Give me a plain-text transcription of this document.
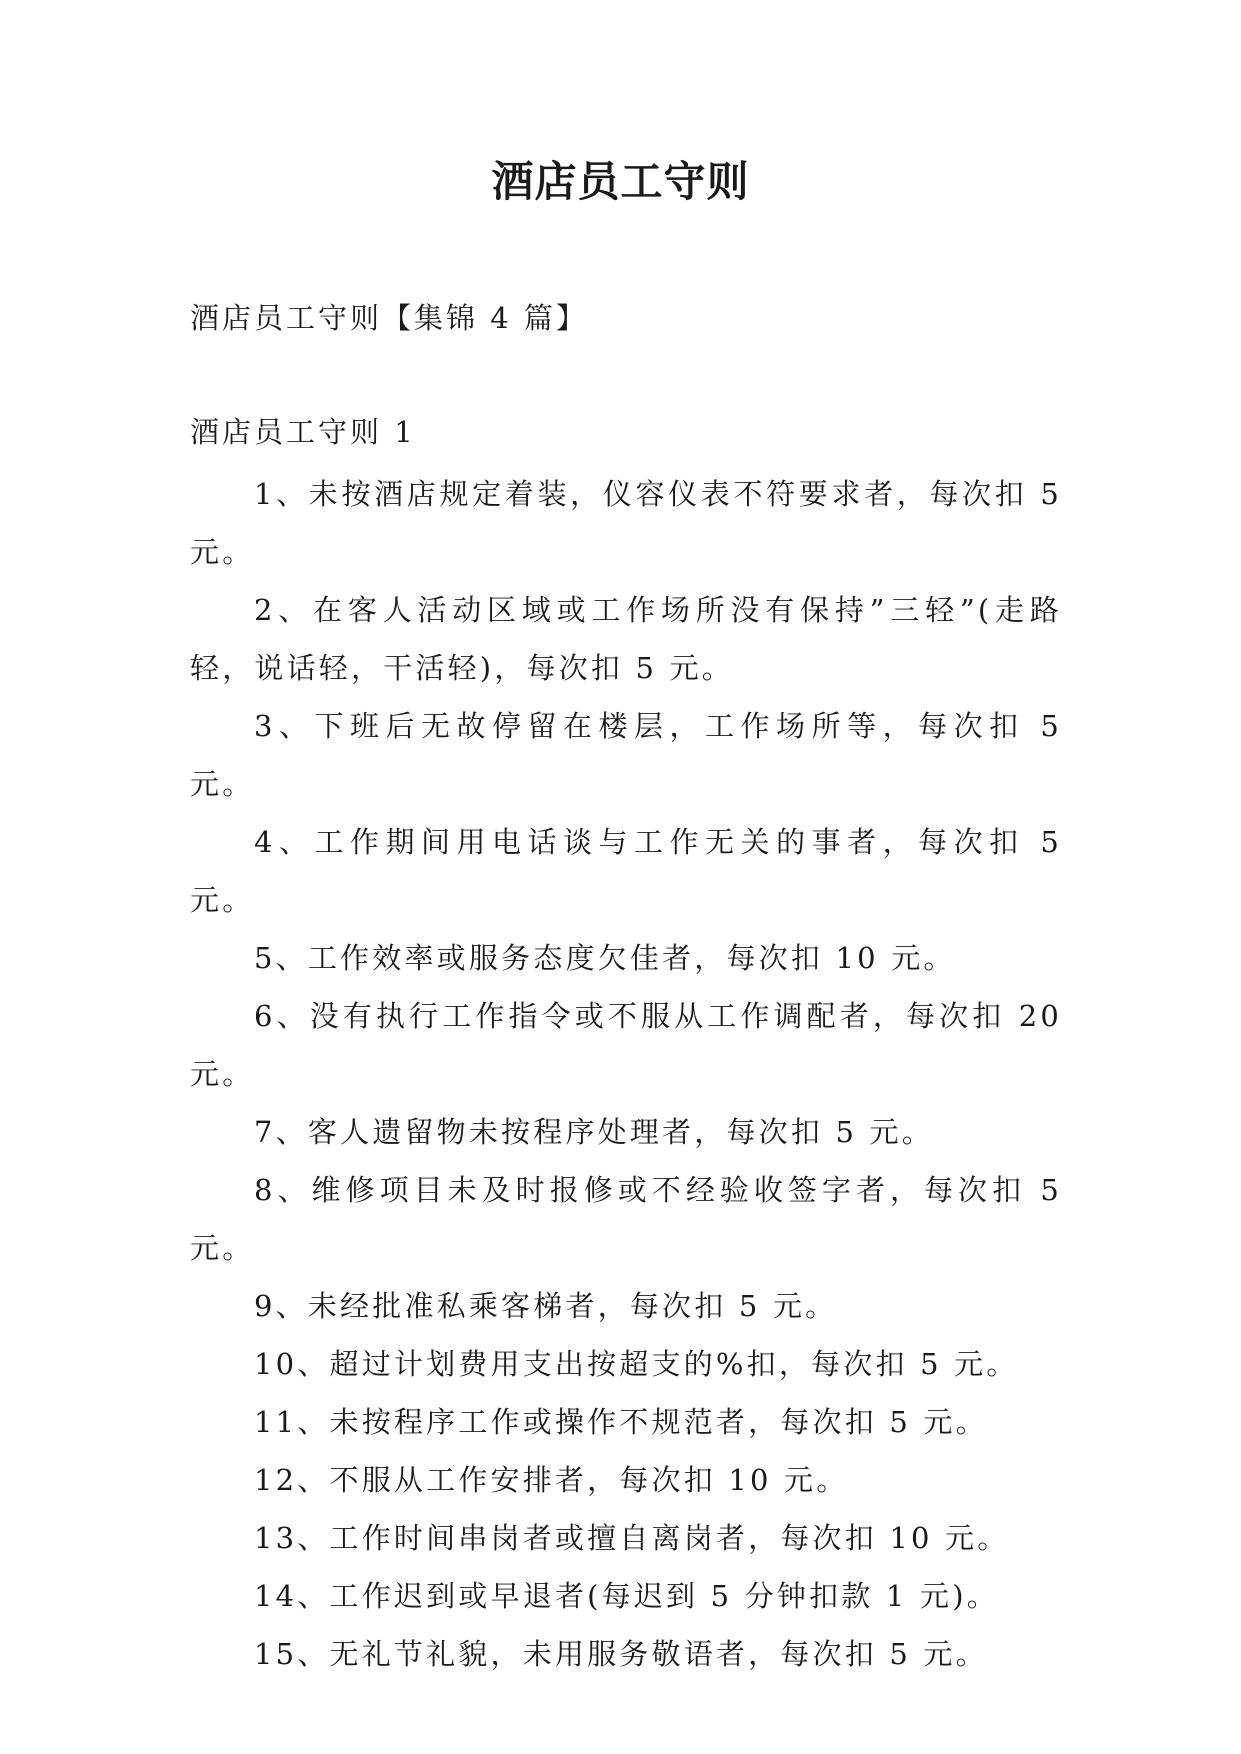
酒店员工守则
酒店员工守则【集锦 4 篇】
酒店员工守则 1

1、未按酒店规定着装，仪容仪表不符要求者，每次扣 5 元。

2、在客人活动区域或工作场所没有保持”三轻”(走路轻，说话轻，干活轻)，每次扣 5 元。

3、下班后无故停留在楼层，工作场所等，每次扣 5 元。

4、工作期间用电话谈与工作无关的事者，每次扣 5 元。

5、工作效率或服务态度欠佳者，每次扣 10 元。

6、没有执行工作指令或不服从工作调配者，每次扣 20 元。

7、客人遗留物未按程序处理者，每次扣 5 元。

8、维修项目未及时报修或不经验收签字者，每次扣 5 元。

9、未经批准私乘客梯者，每次扣 5 元。

10、超过计划费用支出按超支的%扣，每次扣 5 元。

11、未按程序工作或操作不规范者，每次扣 5 元。

12、不服从工作安排者，每次扣 10 元。

13、工作时间串岗者或擅自离岗者，每次扣 10 元。

14、工作迟到或早退者(每迟到 5 分钟扣款 1 元)。

15、无礼节礼貌，未用服务敬语者，每次扣 5 元。
